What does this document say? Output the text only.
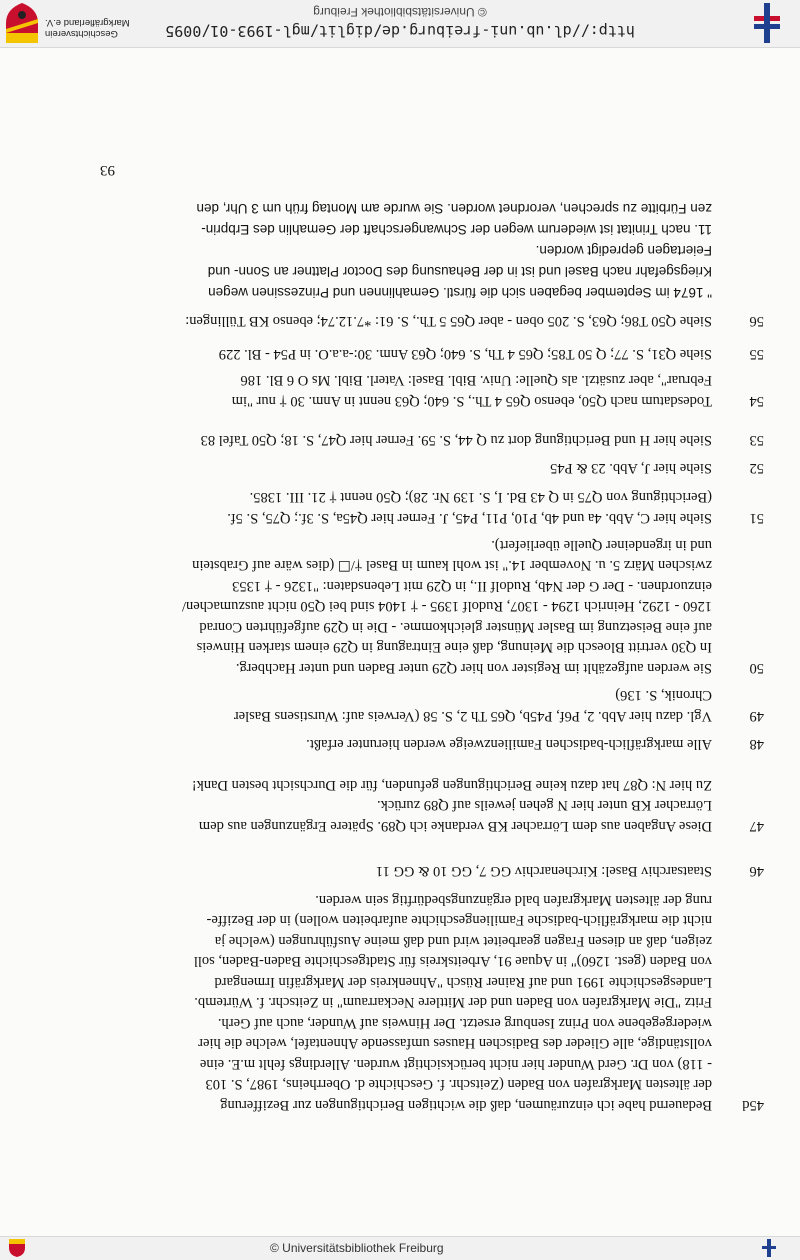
© Universitätsbibliothek Freiburg
http://dl.ub.uni-freiburg.de/diglit/mgl-1993-01/0095
© Universitätsbibliothek Freiburg
Geschichtsverein
Markgräflerland e.V.
45d

Bedauernd habe ich einzuräumen, daß die wichtigen Berichtigungen zur Bezifferung

der ältesten Markgrafen von Baden (Zeitschr. f. Geschichte d. Oberrheins, 1987, S. 103

- 118) von Dr. Gerd Wunder hier nicht berücksichtigt wurden. Allerdings fehlt m.E. eine

vollständige, alle Glieder des Badischen Hauses umfassende Ahnentafel, welche die hier

wiedergegebene von Prinz Isenburg ersetzt. Der Hinweis auf Wunder, auch auf Gerh.

Fritz "Die Markgrafen von Baden und der Mittlere Neckarraum" in Zeitschr. f. Würtemb.

Landesgeschichte 1991 und auf Rainer Rüsch "Ahnenkreis der Markgräfin Irmengard

von Baden (gest. 1260)" in Aquae 91, Arbeitskreis für Stadtgeschichte Baden-Baden, soll

zeigen, daß an diesen Fragen gearbeitet wird und daß meine Ausführungen (welche ja

nicht die markgräflich-badische Familiengeschichte aufarbeiten wollen) in der Beziffe-

rung der ältesten Markgrafen bald ergänzungsbedürftig sein werden.

46

Staatsarchiv Basel: Kirchenarchiv GG 7, GG 10 & GG 11

47

Diese Angaben aus dem Lörracher KB verdanke ich Q89. Spätere Ergänzungen aus dem

Lörracher KB unter hier N gehen jeweils auf Q89 zurück.

Zu hier N: Q87 hat dazu keine Berichtigungen gefunden, für die Durchsicht besten Dank!

48

Alle markgräflich-badischen Familienzweige werden hierunter erfaßt.

49

Vgl. dazu hier Abb. 2, P6f, P45b, Q65 Th 2, S. 58 (Verweis auf: Wurstisens Basler

Chronik, S. 136)

50

Sie werden aufgezählt im Register von hier Q29 unter Baden und unter Hachberg.

In Q30 vertritt Bloesch die Meinung, daß eine Eintragung in Q29 einem starken Hinweis

auf eine Beisetzung im Basler Münster gleichkomme. - Die in Q29 aufgeführten Conrad

1260 - 1292, Heinrich 1294 - 1307, Rudolf 1395 - † 1404 sind bei Q50 nicht auszumachen/

einzuordnen. - Der G der N4b, Rudolf II., in Q29 mit Lebensdaten: "1326 - † 1353

zwischen März 5. u. November 14." ist wohl kaum in Basel †/☐ (dies wäre auf Grabstein

und in irgendeiner Quelle überliefert).

51

Siehe hier C, Abb. 4a und 4b, P10, P11, P45, J. Ferner hier Q45a, S. 3f.; Q75, S. 5f.

(Berichtigung von Q75 in Q 43 Bd. I, S. 139 Nr. 28); Q50 nennt † 21. III. 1385.

52

Siehe hier J, Abb. 23 & P45

53

Siehe hier H und Berichtigung dort zu Q 44, S. 59. Ferner hier Q47, S. 18; Q50 Tafel 83

54

Todesdatum nach Q50, ebenso Q65 4 Th., S. 640; Q63 nennt in Anm. 30 † nur "im

Februar", aber zusätzl. als Quelle: Univ. Bibl. Basel: Vaterl. Bibl. Ms O 6 Bl. 186

55

Siehe Q31, S. 77; Q 50 T85; Q65 4 Th, S. 640; Q63 Anm. 30:-a.a.O. in P54 - Bl. 229

56

Siehe Q50 T86; Q63, S. 205 oben - aber Q65 5 Th., S. 61: *7.12.74; ebenso KB Tüllingen:

" 1674 im September begaben sich die fürstl. Gemahlinnen und Prinzessinen wegen

Kriegsgefahr nach Basel und ist in der Behausung des Doctor Plattner an Sonn- und

Feiertagen gepredigt worden.

11. nach Trinitat ist wiederum wegen der Schwangerschaft der Gemahlin des Erbprin-

zen Fürbitte zu sprechen, verordnet worden. Sie wurde am Montag früh um 3 Uhr, den

93
